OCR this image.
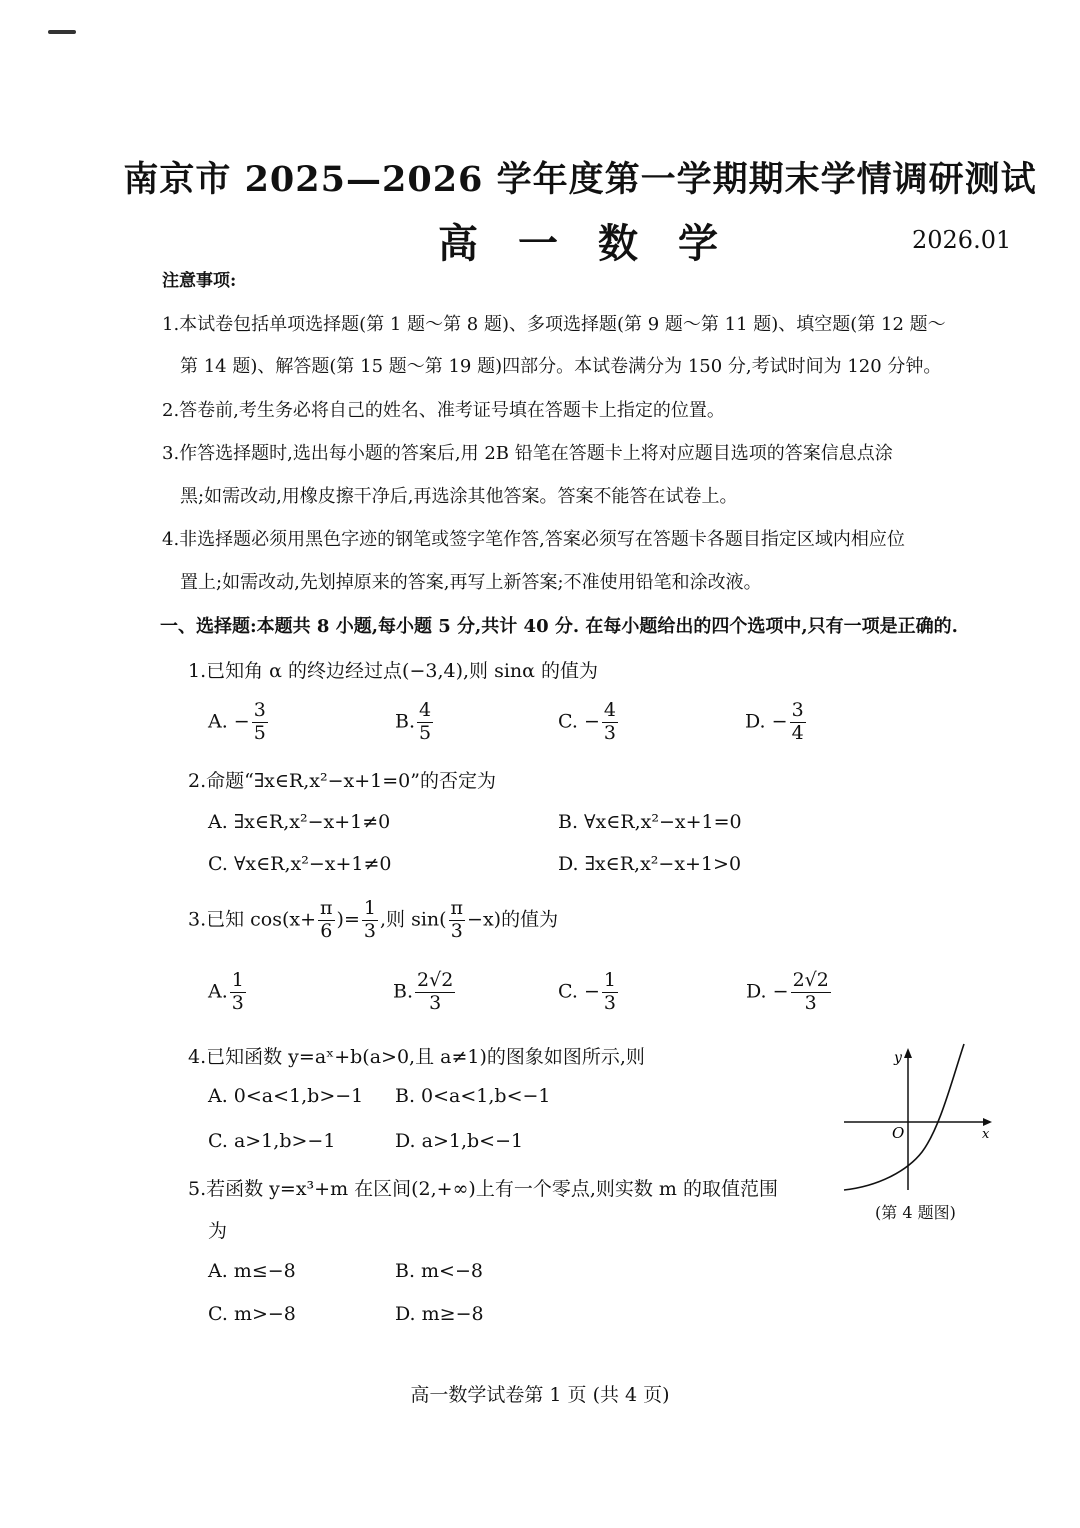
南京市 2025—2026 学年度第一学期期末学情调研测试
高一数学	2026.01
注意事项:
1.本试卷包括单项选择题(第 1 题～第 8 题)、多项选择题(第 9 题～第 11 题)、填空题(第 12 题～
第 14 题)、解答题(第 15 题～第 19 题)四部分。本试卷满分为 150 分,考试时间为 120 分钟。
2.答卷前,考生务必将自己的姓名、准考证号填在答题卡上指定的位置。
3.作答选择题时,选出每小题的答案后,用 2B 铅笔在答题卡上将对应题目选项的答案信息点涂
黑;如需改动,用橡皮擦干净后,再选涂其他答案。答案不能答在试卷上。
4.非选择题必须用黑色字迹的钢笔或签字笔作答,答案必须写在答题卡各题目指定区域内相应位
置上;如需改动,先划掉原来的答案,再写上新答案;不准使用铅笔和涂改液。
一、选择题:本题共 8 小题,每小题 5 分,共计 40 分. 在每小题给出的四个选项中,只有一项是正确的.
1.已知角 α 的终边经过点(−3,4),则 sinα 的值为
A. − $\frac{3}{5}$	B. $\frac{4}{5}$	C. − $\frac{4}{3}$	D. − $\frac{3}{4}$
2.命题“∃x∈R,x²−x+1=0”的否定为
A. ∃x∈R,x²−x+1≠0	B. ∀x∈R,x²−x+1=0
C. ∀x∈R,x²−x+1≠0	D. ∃x∈R,x²−x+1>0
3.已知 $\cos(x+ \frac{\pi}{6}$ )= $\frac{1}{3}$ ,则 $\sin( \frac{\pi}{3} -x)$的值为
A. $\frac{1}{3}$	B. $\frac{2√2}{3}$	C. − $\frac{1}{3}$	D. − $\frac{2√2}{3}$
4.已知函数 y=aˣ+b(a>0,且 a≠1)的图象如图所示,则
A. 0<a<1,b>−1 B. 0<a<1,b<−1
C. a>1,b>−1	D. a>1,b<−1
y
x
O
(第 4 题图)
5.若函数 y=x³+m 在区间(2,+∞)上有一个零点,则实数 m 的取值范围
为
A. m≤−8	B. m<−8
C. m>−8	D. m≥−8
高一数学试卷第 1 页 (共 4 页)
